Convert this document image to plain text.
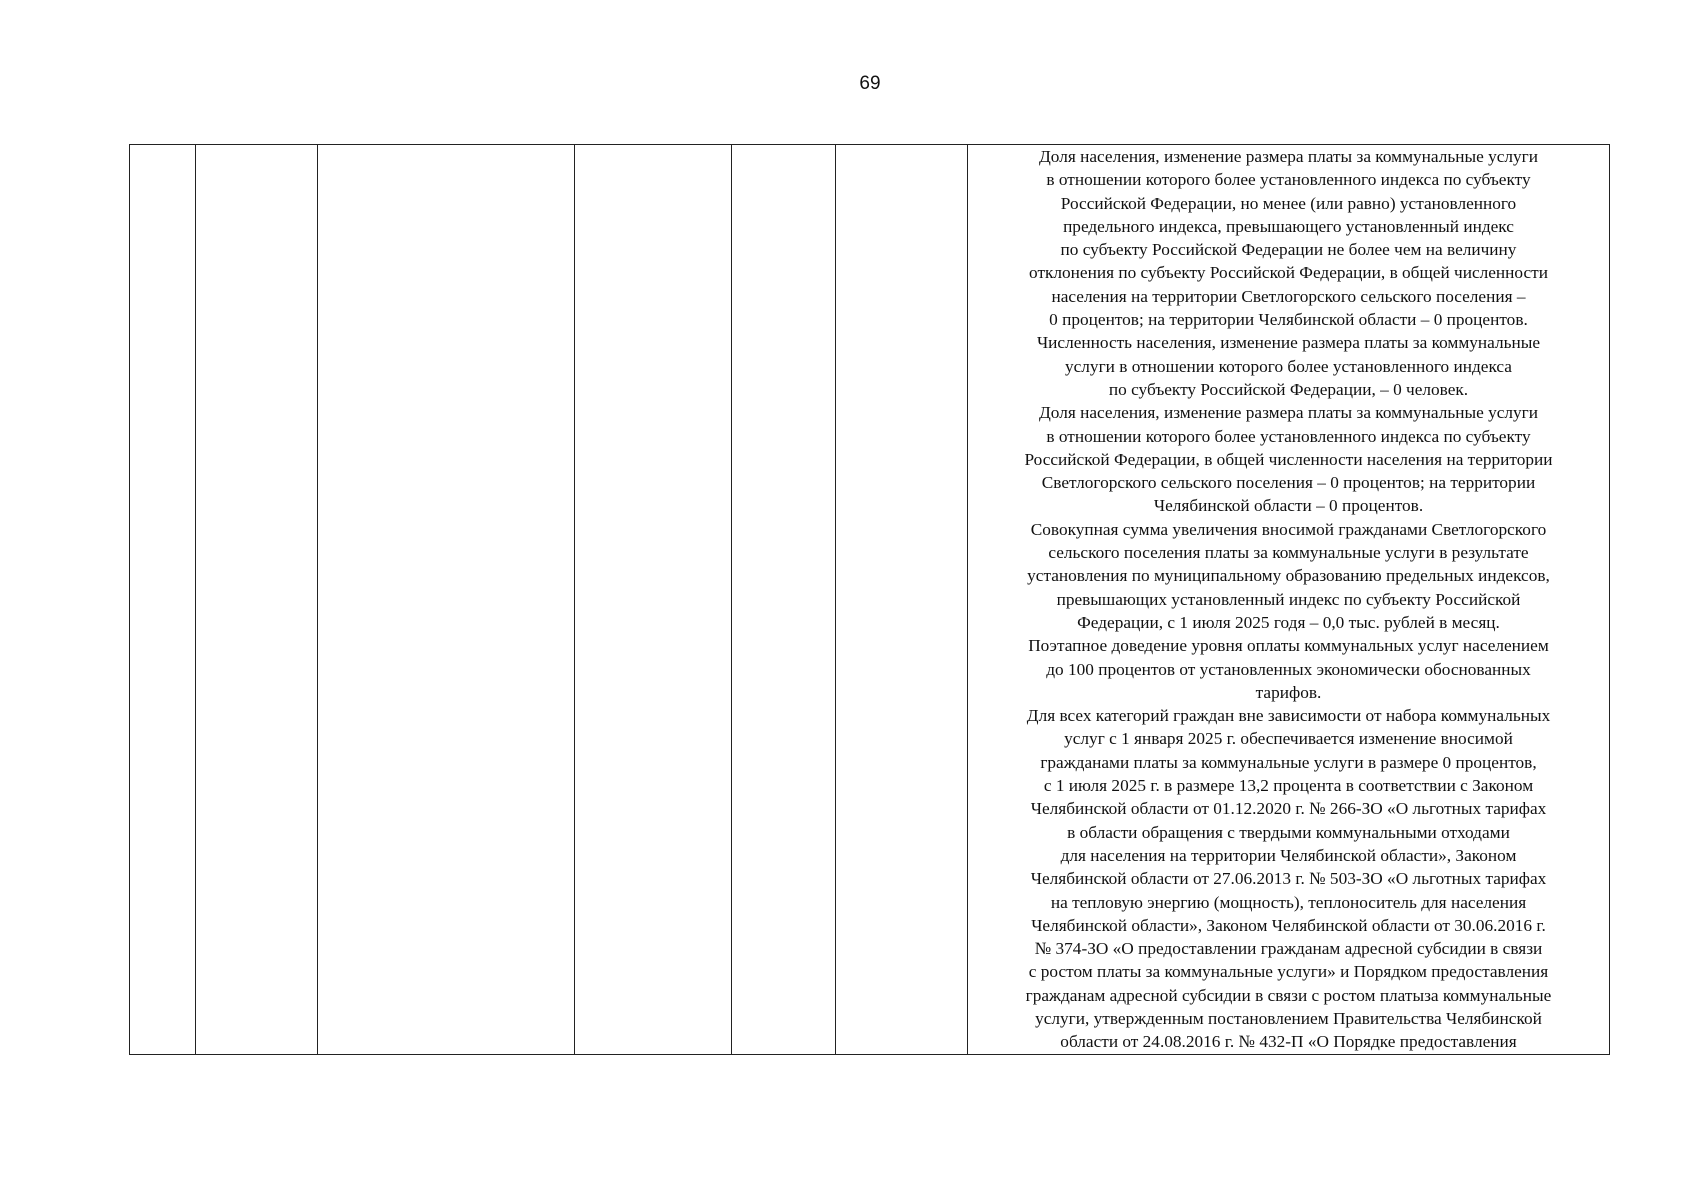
69

Доля населения, изменение размера платы за коммунальные услуги
в отношении которого более установленного индекса по субъекту
Российской Федерации, но менее (или равно) установленного
предельного индекса, превышающего установленный индекс
по субъекту Российской Федерации не более чем на величину
отклонения по субъекту Российской Федерации, в общей численности
населения на территории Светлогорского сельского поселения –
0 процентов; на территории Челябинской области – 0 процентов.
Численность населения, изменение размера платы за коммунальные
услуги в отношении которого более установленного индекса
по субъекту Российской Федерации, – 0 человек.
Доля населения, изменение размера платы за коммунальные услуги
в отношении которого более установленного индекса по субъекту
Российской Федерации, в общей численности населения на территории
Светлогорского сельского поселения – 0 процентов; на территории
Челябинской области – 0 процентов.
Совокупная сумма увеличения вносимой гражданами Светлогорского
сельского поселения платы за коммунальные услуги в результате
установления по муниципальному образованию предельных индексов,
превышающих установленный индекс по субъекту Российской
Федерации, с 1 июля 2025 годя – 0,0 тыс. рублей в месяц.
Поэтапное доведение уровня оплаты коммунальных услуг населением
до 100 процентов от установленных экономически обоснованных
тарифов.
Для всех категорий граждан вне зависимости от набора коммунальных
услуг с 1 января 2025 г. обеспечивается изменение вносимой
гражданами платы за коммунальные услуги в размере 0 процентов,
с 1 июля 2025 г. в размере 13,2 процента в соответствии с Законом
Челябинской области от 01.12.2020 г. № 266-ЗО «О льготных тарифах
в области обращения с твердыми коммунальными отходами
для населения на территории Челябинской области», Законом
Челябинской области от 27.06.2013 г. № 503-ЗО «О льготных тарифах
на тепловую энергию (мощность), теплоноситель для населения
Челябинской области», Законом Челябинской области от 30.06.2016 г.
№ 374-ЗО «О предоставлении гражданам адресной субсидии в связи
с ростом платы за коммунальные услуги» и Порядком предоставления
гражданам адресной субсидии в связи с ростом платыза коммунальные
услуги, утвержденным постановлением Правительства Челябинской
области от 24.08.2016 г. № 432-П «О Порядке предоставления
